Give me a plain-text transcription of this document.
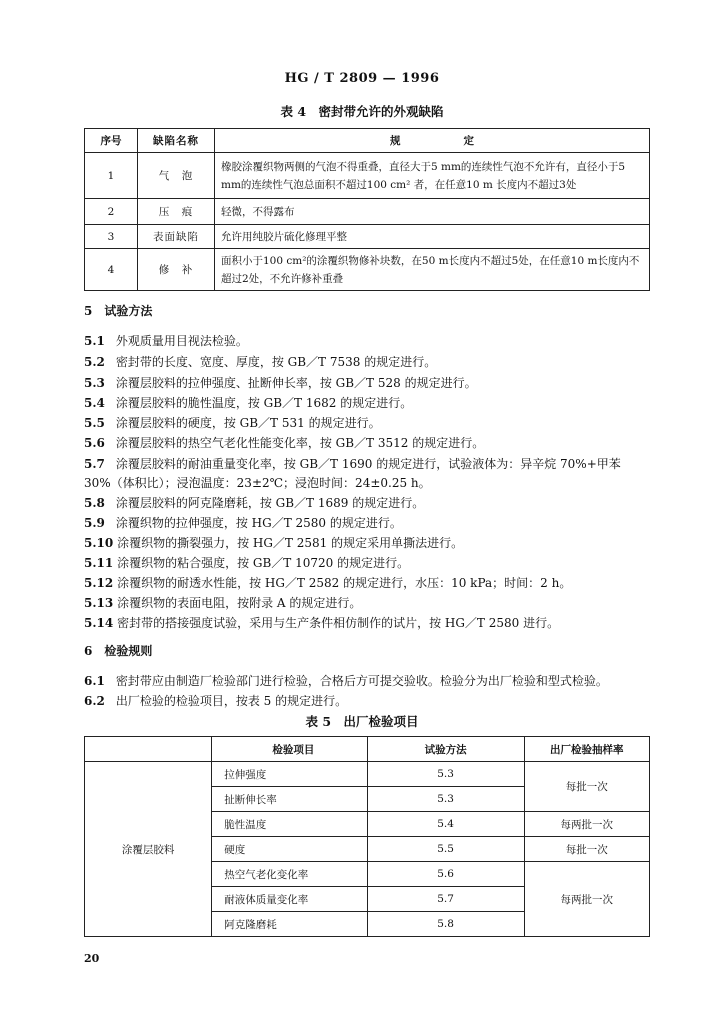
HG / T 2809 — 1996
表 4　密封带允许的外观缺陷
序号	缺陷名称	规　　　　　　定
1	气　泡	橡胶涂覆织物两侧的气泡不得重叠，直径大于5 mm的连续性气泡不允许有，直径小于5 mm的连续性气泡总面积不超过100 cm² 者，在任意10 m 长度内不超过3处
2	压　痕	轻微，不得露布
3	表面缺陷	允许用纯胶片硫化修理平整
4	修　补	面积小于100 cm²的涂覆织物修补块数，在50 m长度内不超过5处，在任意10 m长度内不超过2处，不允许修补重叠
5　试验方法
5.1 外观质量用目视法检验。
5.2 密封带的长度、宽度、厚度，按 GB／T 7538 的规定进行。
5.3 涂覆层胶料的拉伸强度、扯断伸长率，按 GB／T 528 的规定进行。
5.4 涂覆层胶料的脆性温度，按 GB／T 1682 的规定进行。
5.5 涂覆层胶料的硬度，按 GB／T 531 的规定进行。
5.6 涂覆层胶料的热空气老化性能变化率，按 GB／T 3512 的规定进行。
5.7 涂覆层胶料的耐油重量变化率，按 GB／T 1690 的规定进行，试验液体为：异辛烷 70%+甲苯
30%（体积比）；浸泡温度：23±2℃；浸泡时间：24±0.25 h。
5.8 涂覆层胶料的阿克隆磨耗，按 GB／T 1689 的规定进行。
5.9 涂覆织物的拉伸强度，按 HG／T 2580 的规定进行。
5.10 涂覆织物的撕裂强力，按 HG／T 2581 的规定采用单撕法进行。
5.11 涂覆织物的粘合强度，按 GB／T 10720 的规定进行。
5.12 涂覆织物的耐透水性能，按 HG／T 2582 的规定进行，水压：10 kPa；时间：2 h。
5.13 涂覆织物的表面电阻，按附录 A 的规定进行。
5.14 密封带的搭接强度试验，采用与生产条件相仿制作的试片，按 HG／T 2580 进行。
6　检验规则
6.1 密封带应由制造厂检验部门进行检验，合格后方可提交验收。检验分为出厂检验和型式检验。
6.2 出厂检验的检验项目，按表 5 的规定进行。
表 5　出厂检验项目
	检验项目	试验方法	出厂检验抽样率
涂覆层胶料	拉伸强度	5.3	每批一次
	扯断伸长率	5.3	
	脆性温度	5.4	每两批一次
	硬度	5.5	每批一次
	热空气老化变化率	5.6	每两批一次
	耐液体质量变化率	5.7	
	阿克隆磨耗	5.8	
20
